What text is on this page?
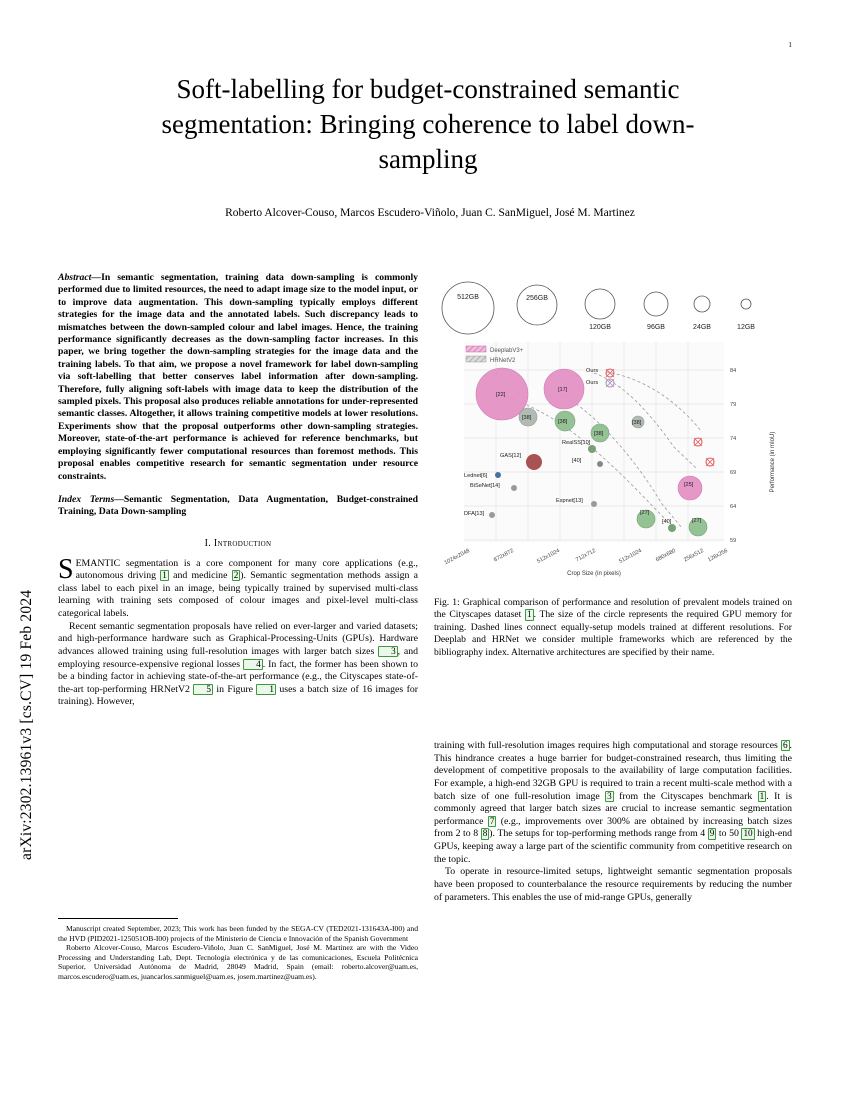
1
arXiv:2302.13961v3 [cs.CV] 19 Feb 2024
Soft-labelling for budget-constrained semantic segmentation: Bringing coherence to label down-sampling
Roberto Alcover-Couso, Marcos Escudero-Viñolo, Juan C. SanMiguel, José M. Martinez
Abstract—In semantic segmentation, training data down-sampling is commonly performed due to limited resources, the need to adapt image size to the model input, or to improve data augmentation. This down-sampling typically employs different strategies for the image data and the annotated labels. Such discrepancy leads to mismatches between the down-sampled colour and label images. Hence, the training performance significantly decreases as the down-sampling factor increases. In this paper, we bring together the down-sampling strategies for the image data and the training labels. To that aim, we propose a novel framework for label down-sampling via soft-labelling that better conserves label information after down-sampling. Therefore, fully aligning soft-labels with image data to keep the distribution of the sampled pixels. This proposal also produces reliable annotations for under-represented semantic classes. Altogether, it allows training competitive models at lower resolutions. Experiments show that the proposal outperforms other down-sampling strategies. Moreover, state-of-the-art performance is achieved for reference benchmarks, but employing significantly fewer computational resources than foremost methods. This proposal enables competitive research for semantic segmentation under resource constraints.
Index Terms—Semantic Segmentation, Data Augmentation, Budget-constrained Training, Data Down-sampling
I. Introduction

SEMANTIC segmentation is a core component for many core applications (e.g., autonomous driving 1 and medicine 2 ). Semantic segmentation methods assign a class label to each pixel in an image, being typically trained by supervised multi-class learning with training sets composed of colour images and pixel-level multi-class categorical labels.

Recent semantic segmentation proposals have relied on ever-larger and varied datasets; and high-performance hardware such as Graphical-Processing-Units (GPUs). Hardware advances allowed training using full-resolution images with larger batch sizes 3 , and employing resource-expensive regional losses 4 . In fact, the former has been shown to be a binding factor in achieving state-of-the-art performance (e.g., the Cityscapes state-of-the-art top-performing HRNetV2 5 in Figure 1 uses a batch size of 16 images for training). However,

Manuscript created September, 2023; This work has been funded by the SEGA-CV (TED2021-131643A-I00) and the HVD (PID2021-125051OB-I00) projects of the Ministerio de Ciencia e Innovación of the Spanish Government

Roberto Alcover-Couso, Marcos Escudero-Viñolo, Juan C. SanMiguel, José M. Martinez are with the Video Processing and Understanding Lab, Dept. Tecnología electrónica y de las comunicaciones, Escuela Politécnica Superior, Universidad Autónoma de Madrid, 28049 Madrid, Spain (email: roberto.alcover@uam.es, marcos.escudero@uam.es, juancarlos.sanmiguel@uam.es, josem.martinez@uam.es).

512GB	256GB
120GB	96GB	24GB	12GB
84
79
74
69
64
59
Performance (in mIoU)
1024x2048	872x872	512x1024	712x712	512x1024 680x680 256x512 128x256
Crop Size (in pixels)
DeeplabV3+
HRNetV2
[22]
[17]
[38]
[38]
Ours
Ours
[38]
RealSS[10]
[40]
GAS[12]
Lednet[6]
BiSeNet[14]
Espnet[13]
DFA[13]	[27]
[25]
[40]	[27]
[38]
Fig. 1: Graphical comparison of performance and resolution of prevalent models trained on the Cityscapes dataset 1 . The size of the circle represents the required GPU memory for training. Dashed lines connect equally-setup models trained at different resolutions. For Deeplab and HRNet we consider multiple frameworks which are referenced by the bibliography index. Alternative architectures are specified by their name.

training with full-resolution images requires high computational and storage resources 6 . This hindrance creates a huge barrier for budget-constrained research, thus limiting the development of competitive proposals to the availability of large computation facilities. For example, a high-end 32GB GPU is required to train a recent multi-scale method with a batch size of one full-resolution image 3 from the Cityscapes benchmark 1 . It is commonly agreed that larger batch sizes are crucial to increase semantic segmentation performance 7 (e.g., improvements over 300% are obtained by increasing batch sizes from 2 to 8 8 ). The setups for top-performing methods range from 4 9 to 50 10 high-end GPUs, keeping away a large part of the scientific community from competitive research on the topic.

To operate in resource-limited setups, lightweight semantic segmentation proposals have been proposed to counterbalance the resource requirements by reducing the number of parameters. This enables the use of mid-range GPUs, generally
